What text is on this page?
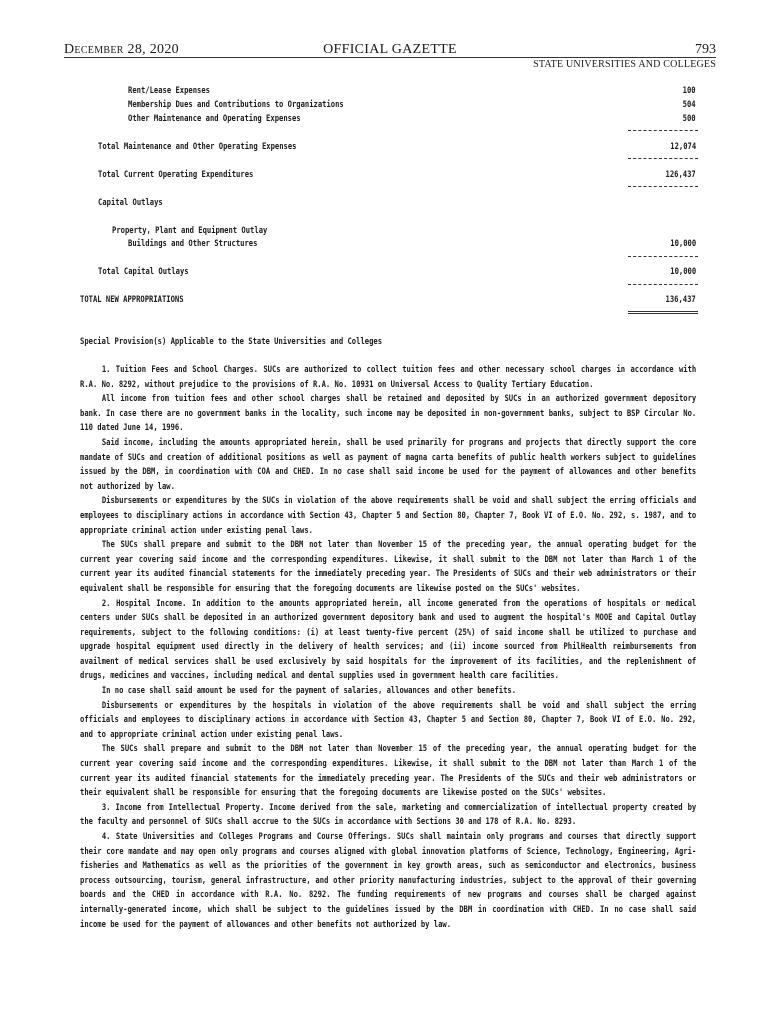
December 28, 2020	OFFICIAL GAZETTE	793
STATE UNIVERSITIES AND COLLEGES
Rent/Lease Expenses	100
Membership Dues and Contributions to Organizations	504
Other Maintenance and Operating Expenses	500
Total Maintenance and Other Operating Expenses	12,074
Total Current Operating Expenditures	126,437
Capital Outlays
Property, Plant and Equipment Outlay
Buildings and Other Structures	10,000
Total Capital Outlays	10,000
TOTAL NEW APPROPRIATIONS	136,437
Special Provision(s) Applicable to the State Universities and Colleges

1. Tuition Fees and School Charges. SUCs are authorized to collect tuition fees and other necessary school charges in accordance with R.A. No. 8292, without prejudice to the provisions of R.A. No. 10931 on Universal Access to Quality Tertiary Education.

All income from tuition fees and other school charges shall be retained and deposited by SUCs in an authorized government depository bank. In case there are no government banks in the locality, such income may be deposited in non-government banks, subject to BSP Circular No. 110 dated June 14, 1996.

Said income, including the amounts appropriated herein, shall be used primarily for programs and projects that directly support the core mandate of SUCs and creation of additional positions as well as payment of magna carta benefits of public health workers subject to guidelines issued by the DBM, in coordination with COA and CHED. In no case shall said income be used for the payment of allowances and other benefits not authorized by law.

Disbursements or expenditures by the SUCs in violation of the above requirements shall be void and shall subject the erring officials and employees to disciplinary actions in accordance with Section 43, Chapter 5 and Section 80, Chapter 7, Book VI of E.O. No. 292, s. 1987, and to appropriate criminal action under existing penal laws.

The SUCs shall prepare and submit to the DBM not later than November 15 of the preceding year, the annual operating budget for the current year covering said income and the corresponding expenditures. Likewise, it shall submit to the DBM not later than March 1 of the current year its audited financial statements for the immediately preceding year. The Presidents of SUCs and their web administrators or their equivalent shall be responsible for ensuring that the foregoing documents are likewise posted on the SUCs' websites.

2. Hospital Income. In addition to the amounts appropriated herein, all income generated from the operations of hospitals or medical centers under SUCs shall be deposited in an authorized government depository bank and used to augment the hospital's MOOE and Capital Outlay requirements, subject to the following conditions: (i) at least twenty-five percent (25%) of said income shall be utilized to purchase and upgrade hospital equipment used directly in the delivery of health services; and (ii) income sourced from PhilHealth reimbursements from availment of medical services shall be used exclusively by said hospitals for the improvement of its facilities, and the replenishment of drugs, medicines and vaccines, including medical and dental supplies used in government health care facilities.

In no case shall said amount be used for the payment of salaries, allowances and other benefits.

Disbursements or expenditures by the hospitals in violation of the above requirements shall be void and shall subject the erring officials and employees to disciplinary actions in accordance with Section 43, Chapter 5 and Section 80, Chapter 7, Book VI of E.O. No. 292, and to appropriate criminal action under existing penal laws.

The SUCs shall prepare and submit to the DBM not later than November 15 of the preceding year, the annual operating budget for the current year covering said income and the corresponding expenditures. Likewise, it shall submit to the DBM not later than March 1 of the current year its audited financial statements for the immediately preceding year. The Presidents of the SUCs and their web administrators or their equivalent shall be responsible for ensuring that the foregoing documents are likewise posted on the SUCs' websites.

3. Income from Intellectual Property. Income derived from the sale, marketing and commercialization of intellectual property created by the faculty and personnel of SUCs shall accrue to the SUCs in accordance with Sections 30 and 178 of R.A. No. 8293.

4. State Universities and Colleges Programs and Course Offerings. SUCs shall maintain only programs and courses that directly support their core mandate and may open only programs and courses aligned with global innovation platforms of Science, Technology, Engineering, Agri-fisheries and Mathematics as well as the priorities of the government in key growth areas, such as semiconductor and electronics, business process outsourcing, tourism, general infrastructure, and other priority manufacturing industries, subject to the approval of their governing boards and the CHED in accordance with R.A. No. 8292. The funding requirements of new programs and courses shall be charged against internally-generated income, which shall be subject to the guidelines issued by the DBM in coordination with CHED. In no case shall said income be used for the payment of allowances and other benefits not authorized by law.
